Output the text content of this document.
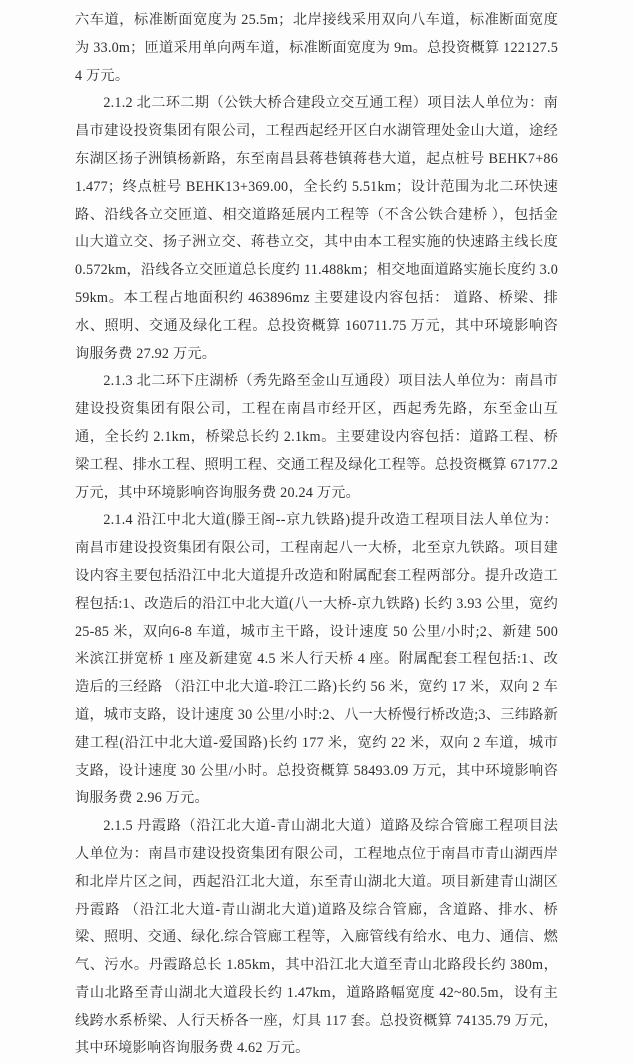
六车道，标准断面宽度为 25.5m；北岸接线采用双向八车道，标准断面宽度为 33.0m；匝道采用单向两车道，标准断面宽度为 9m。总投资概算 122127.54 万元。

2.1.2 北二环二期（公铁大桥合建段立交互通工程）项目法人单位为：南昌市建设投资集团有限公司，工程西起经开区白水湖管理处金山大道，途经东湖区扬子洲镇杨新路，东至南昌县蒋巷镇蒋巷大道，起点桩号 BEHK7+861.477；终点桩号 BEHK13+369.00，全长约 5.51km；设计范围为北二环快速路、沿线各立交匝道、相交道路延展内工程等（不含公铁合建桥 ），包括金山大道立交、扬子洲立交、蒋巷立交，其中由本工程实施的快速路主线长度 0.572km，沿线各立交匝道总长度约 11.488km；相交地面道路实施长度约 3.059km。本工程占地面积约 463896mz 主要建设内容包括： 道路、桥梁、排水、照明、交通及绿化工程。总投资概算 160711.75 万元，其中环境影响咨询服务费 27.92 万元。

2.1.3 北二环下庄湖桥（秀先路至金山互通段）项目法人单位为：南昌市建设投资集团有限公司，工程在南昌市经开区，西起秀先路，东至金山互通，全长约 2.1km，桥梁总长约 2.1km。主要建设内容包括：道路工程、桥梁工程、排水工程、照明工程、交通工程及绿化工程等。总投资概算 67177.2 万元，其中环境影响咨询服务费 20.24 万元。

2.1.4 沿江中北大道(滕王阁--京九铁路)提升改造工程项目法人单位为：南昌市建设投资集团有限公司，工程南起八一大桥，北至京九铁路。项目建设内容主要包括沿江中北大道提升改造和附属配套工程两部分。提升改造工程包括:1、改造后的沿江中北大道(八一大桥-京九铁路) 长约 3.93 公里，宽约 25-85 米，双向6-8 车道，城市主干路，设计速度 50 公里/小时;2、新建 500 米滨江拼宽桥 1 座及新建宽 4.5 米人行天桥 4 座。附属配套工程包括:1、改造后的三经路 （沿江中北大道-聆江二路)长约 56 米，宽约 17 米，双向 2 车道，城市支路，设计速度 30 公里/小时:2、八一大桥慢行桥改造;3、三纬路新建工程(沿江中北大道-爱国路)长约 177 米，宽约 22 米，双向 2 车道，城市支路，设计速度 30 公里/小时。总投资概算 58493.09 万元，其中环境影响咨询服务费 2.96 万元。

2.1.5 丹霞路（沿江北大道-青山湖北大道）道路及综合管廊工程项目法人单位为：南昌市建设投资集团有限公司，工程地点位于南昌市青山湖西岸和北岸片区之间，西起沿江北大道，东至青山湖北大道。项目新建青山湖区丹霞路 （沿江北大道-青山湖北大道)道路及综合管廊，含道路、排水、桥梁、照明、交通、绿化.综合管廊工程等，入廊管线有给水、电力、通信、燃气、污水。丹霞路总长 1.85km，其中沿江北大道至青山北路段长约 380m，青山北路至青山湖北大道段长约 1.47km，道路路幅宽度 42~80.5m，设有主线跨水系桥梁、人行天桥各一座，灯具 117 套。总投资概算 74135.79 万元，其中环境影响咨询服务费 4.62 万元。
